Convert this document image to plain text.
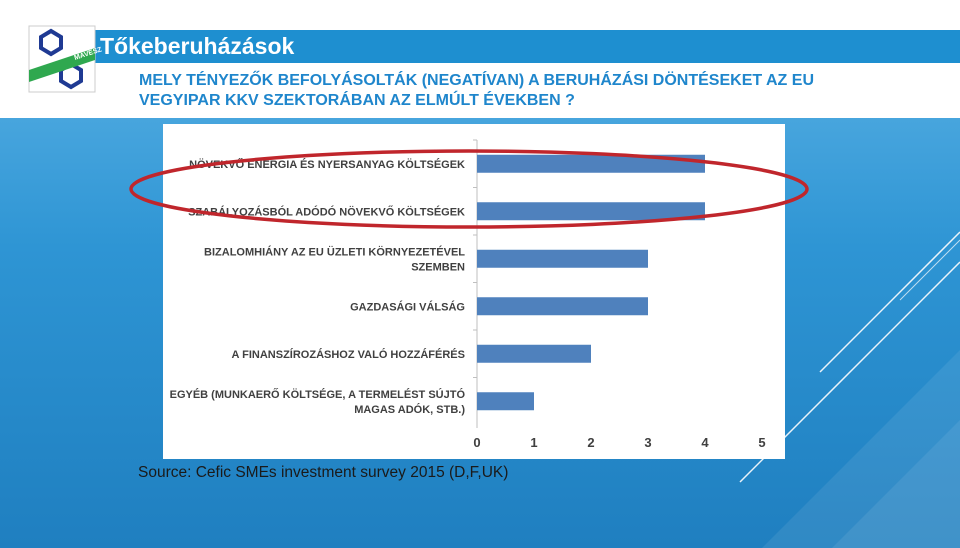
MAVESZ
Tőkeberuházások
MELY TÉNYEZŐK BEFOLYÁSOLTÁK (NEGATÍVAN) A BERUHÁZÁSI DÖNTÉSEKET AZ EU
VEGYIPAR KKV SZEKTORÁBAN AZ ELMÚLT ÉVEKBEN ?
NÖVEKVŐ ENERGIA ÉS NYERSANYAG KÖLTSÉGEK
SZABÁLYOZÁSBÓL ADÓDÓ NÖVEKVŐ KÖLTSÉGEK
BIZALOMHIÁNY AZ EU ÜZLETI KÖRNYEZETÉVEL
SZEMBEN
GAZDASÁGI VÁLSÁG
A FINANSZÍROZÁSHOZ VALÓ HOZZÁFÉRÉS
EGYÉB (MUNKAERŐ KÖLTSÉGE, A TERMELÉST SÚJTÓ
MAGAS ADÓK, STB.)
0	1	2	3	4	5
Source: Cefic SMEs investment survey 2015 (D,F,UK)
